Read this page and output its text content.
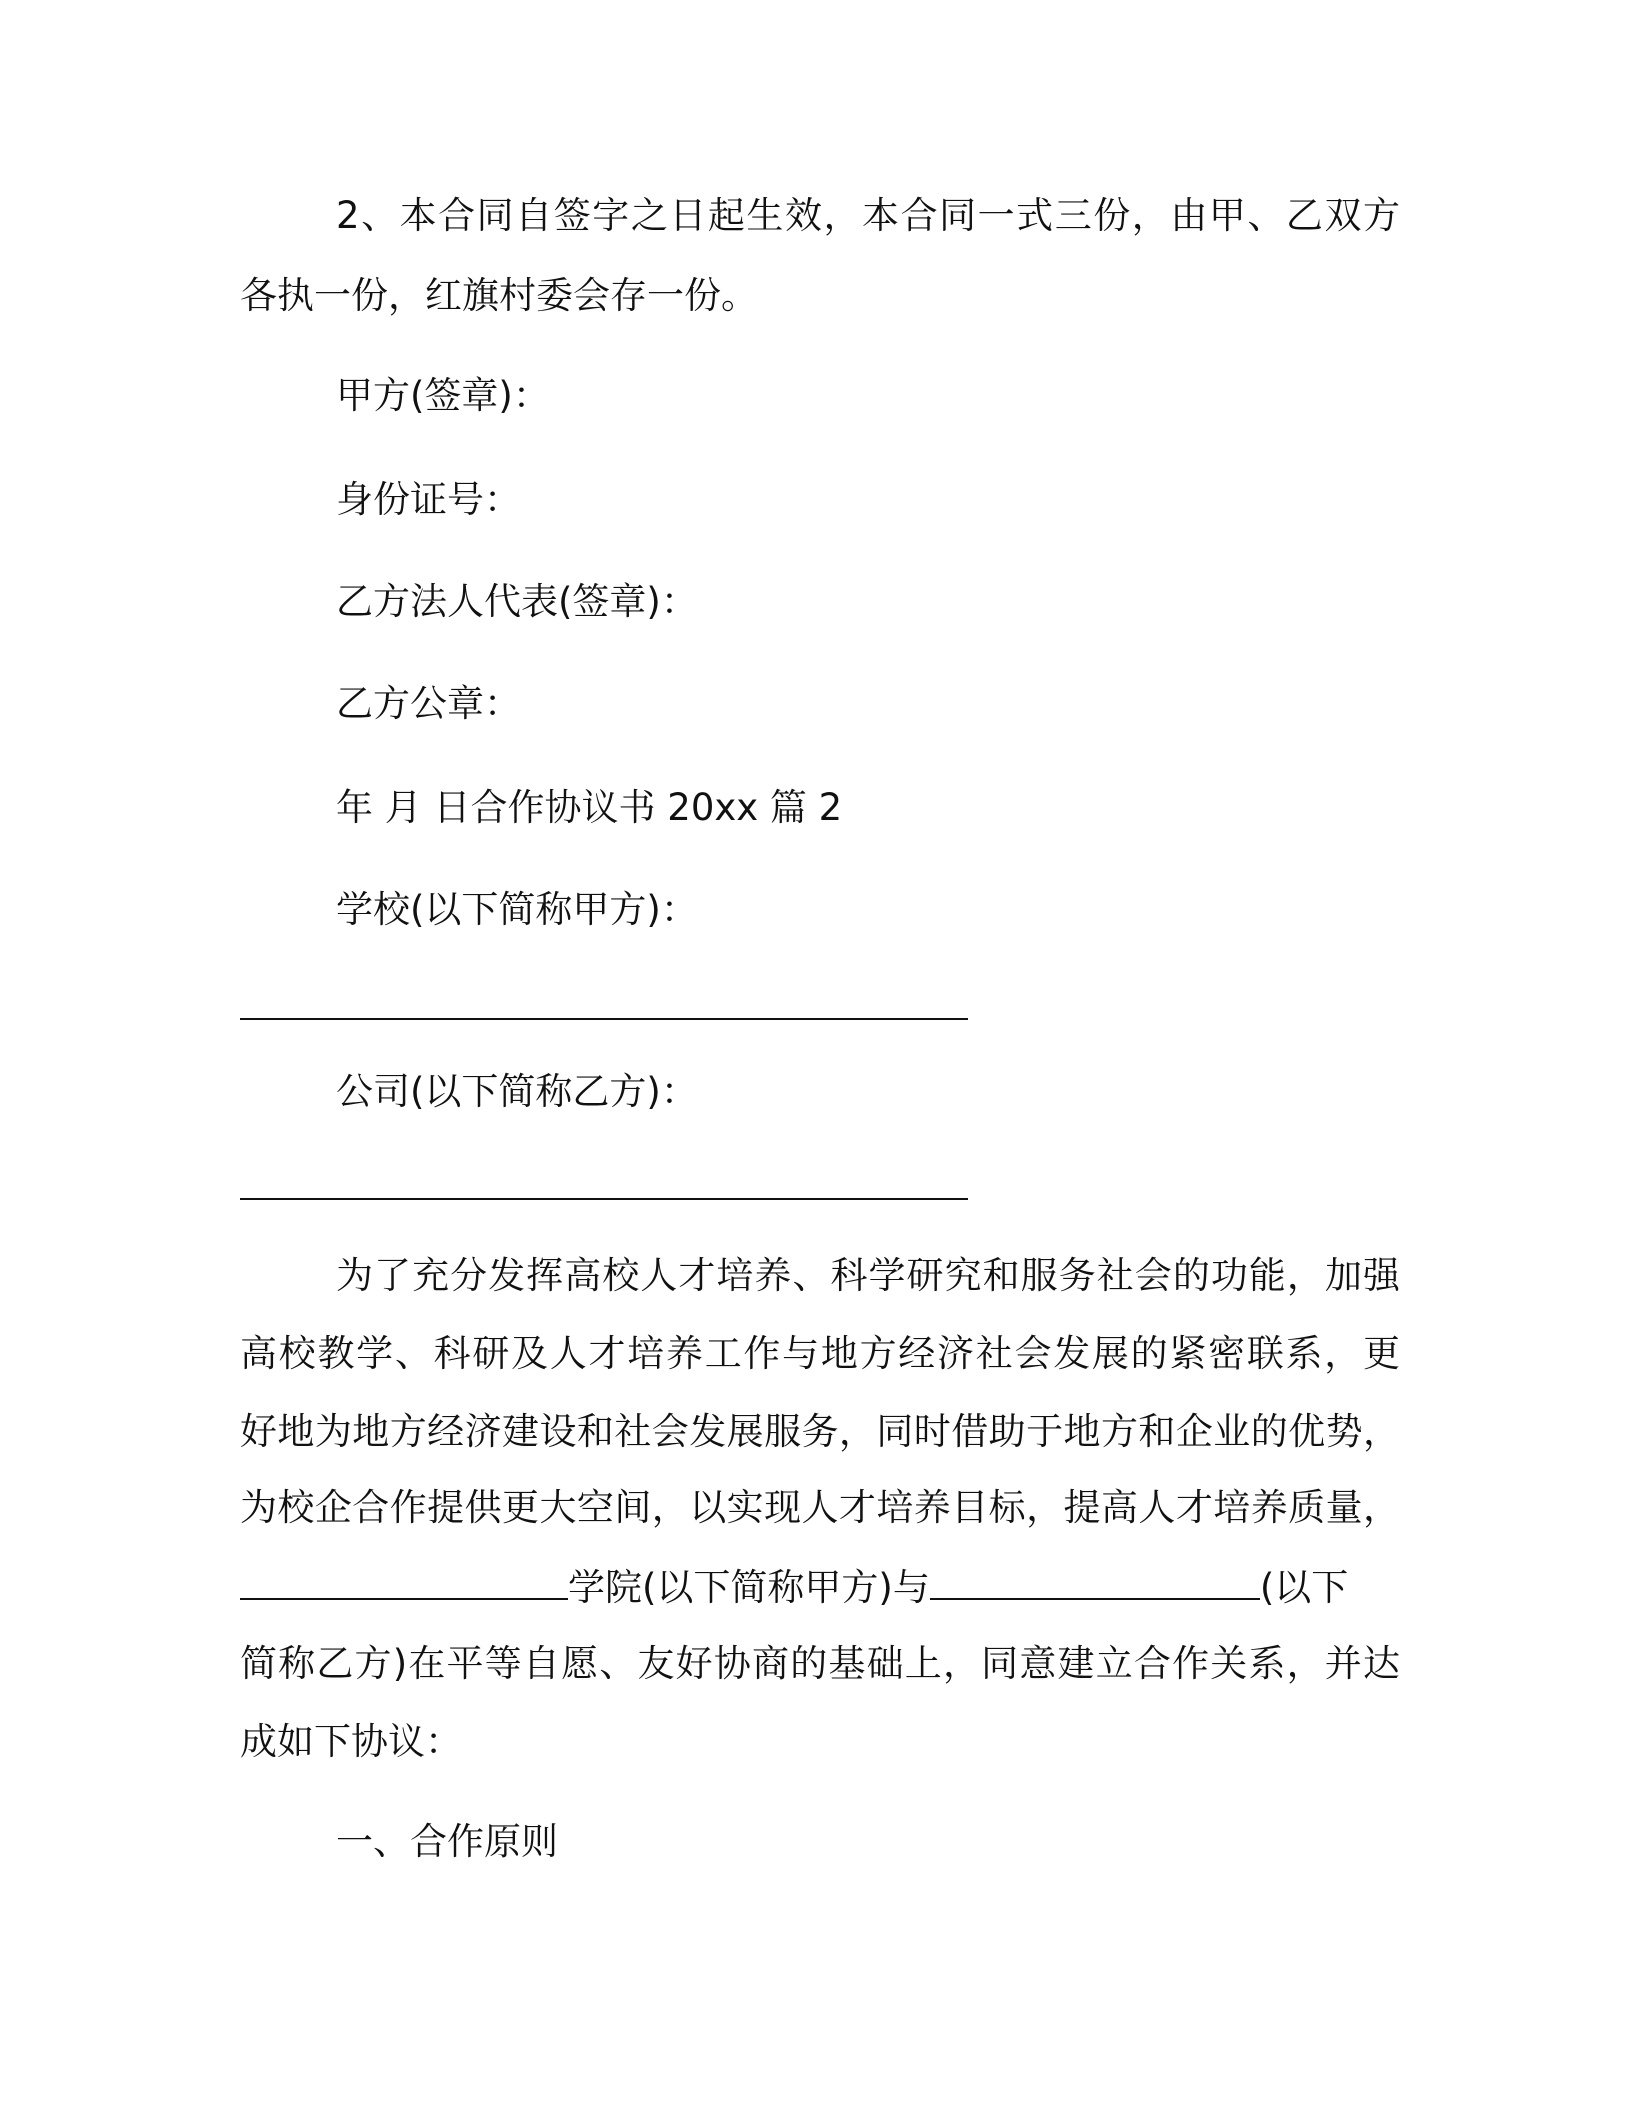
2、本合同自签字之日起生效，本合同一式三份，由甲、乙双方
各执一份，红旗村委会存一份。
甲方(签章)：
身份证号：
乙方法人代表(签章)：
乙方公章：
年 月 日合作协议书 20xx 篇 2
学校(以下简称甲方)：
公司(以下简称乙方)：
为了充分发挥高校人才培养、科学研究和服务社会的功能，加强
高校教学、科研及人才培养工作与地方经济社会发展的紧密联系，更
好地为地方经济建设和社会发展服务，同时借助于地方和企业的优势，
为校企合作提供更大空间，以实现人才培养目标，提高人才培养质量，
学院(以下简称甲方)与	(以下
简称乙方)在平等自愿、友好协商的基础上，同意建立合作关系，并达
成如下协议：
一、合作原则
